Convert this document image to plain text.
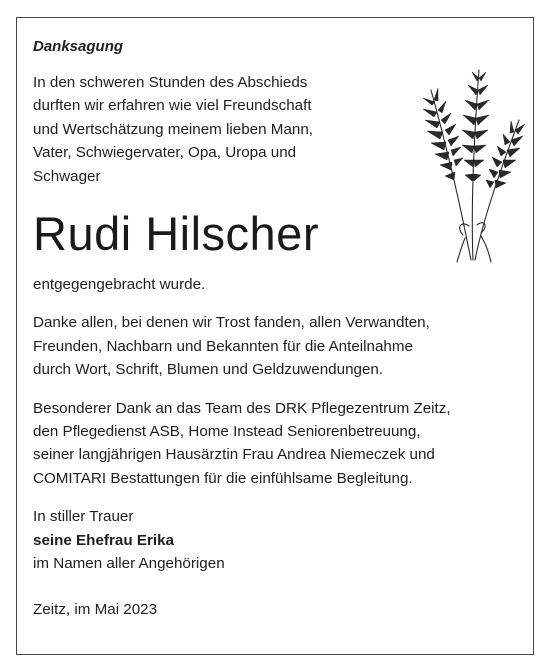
Danksagung

In den schweren Stunden des Abschieds

durften wir erfahren wie viel Freundschaft

und Wertschätzung meinem lieben Mann,

Vater, Schwiegervater, Opa, Uropa und

Schwager

Rudi Hilscher

entgegengebracht wurde.

Danke allen, bei denen wir Trost fanden, allen Verwandten,

Freunden, Nachbarn und Bekannten für die Anteilnahme

durch Wort, Schrift, Blumen und Geldzuwendungen.

Besonderer Dank an das Team des DRK Pflegezentrum Zeitz,

den Pflegedienst ASB, Home Instead Seniorenbetreuung,

seiner langjährigen Hausärztin Frau Andrea Niemeczek und

COMITARI Bestattungen für die einfühlsame Begleitung.

In stiller Trauer

seine Ehefrau Erika

im Namen aller Angehörigen

Zeitz, im Mai 2023
